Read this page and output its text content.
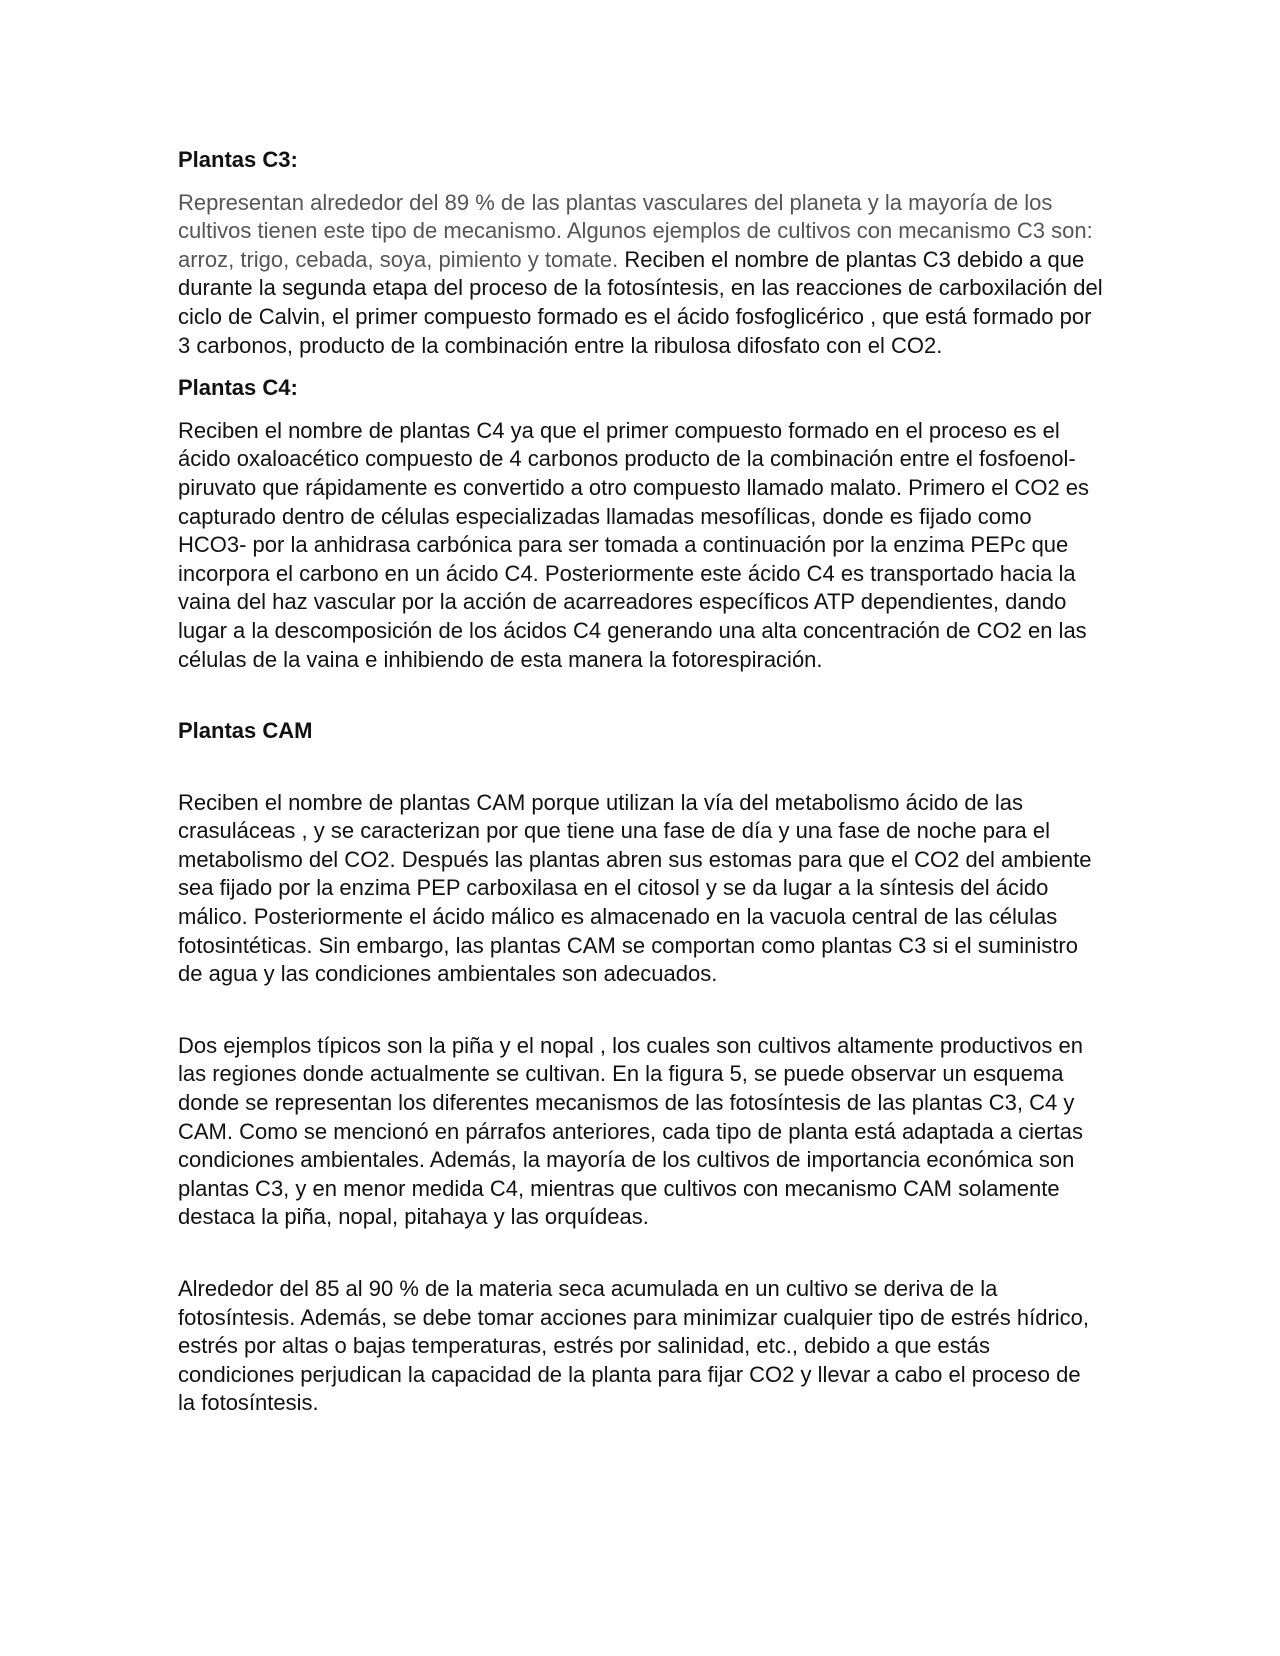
Plantas C3:

Representan alrededor del 89 % de las plantas vasculares del planeta y la mayoría de los cultivos tienen este tipo de mecanismo. Algunos ejemplos de cultivos con mecanismo C3 son: arroz, trigo, cebada, soya, pimiento y tomate. Reciben el nombre de plantas C3 debido a que durante la segunda etapa del proceso de la fotosíntesis, en las reacciones de carboxilación del ciclo de Calvin, el primer compuesto formado es el ácido fosfoglicérico , que está formado por 3 carbonos, producto de la combinación entre la ribulosa difosfato con el CO2.

Plantas C4:

Reciben el nombre de plantas C4 ya que el primer compuesto formado en el proceso es el ácido oxaloacético compuesto de 4 carbonos producto de la combinación entre el fosfoenol-piruvato que rápidamente es convertido a otro compuesto llamado malato. Primero el CO2 es capturado dentro de células especializadas llamadas mesofílicas, donde es fijado como HCO3- por la anhidrasa carbónica para ser tomada a continuación por la enzima PEPc que incorpora el carbono en un ácido C4. Posteriormente este ácido C4 es transportado hacia la vaina del haz vascular por la acción de acarreadores específicos ATP dependientes, dando lugar a la descomposición de los ácidos C4 generando una alta concentración de CO2 en las células de la vaina e inhibiendo de esta manera la fotorespiración.

Plantas CAM

Reciben el nombre de plantas CAM porque utilizan la vía del metabolismo ácido de las crasuláceas , y se caracterizan por que tiene una fase de día y una fase de noche para el metabolismo del CO2. Después las plantas abren sus estomas para que el CO2 del ambiente sea fijado por la enzima PEP carboxilasa en el citosol y se da lugar a la síntesis del ácido málico. Posteriormente el ácido málico es almacenado en la vacuola central de las células fotosintéticas. Sin embargo, las plantas CAM se comportan como plantas C3 si el suministro de agua y las condiciones ambientales son adecuados.

Dos ejemplos típicos son la piña y el nopal , los cuales son cultivos altamente productivos en las regiones donde actualmente se cultivan. En la figura 5, se puede observar un esquema donde se representan los diferentes mecanismos de las fotosíntesis de las plantas C3, C4 y CAM. Como se mencionó en párrafos anteriores, cada tipo de planta está adaptada a ciertas condiciones ambientales. Además, la mayoría de los cultivos de importancia económica son plantas C3, y en menor medida C4, mientras que cultivos con mecanismo CAM solamente destaca la piña, nopal, pitahaya y las orquídeas.

Alrededor del 85 al 90 % de la materia seca acumulada en un cultivo se deriva de la fotosíntesis. Además, se debe tomar acciones para minimizar cualquier tipo de estrés hídrico, estrés por altas o bajas temperaturas, estrés por salinidad, etc., debido a que estás condiciones perjudican la capacidad de la planta para fijar CO2 y llevar a cabo el proceso de la fotosíntesis.
